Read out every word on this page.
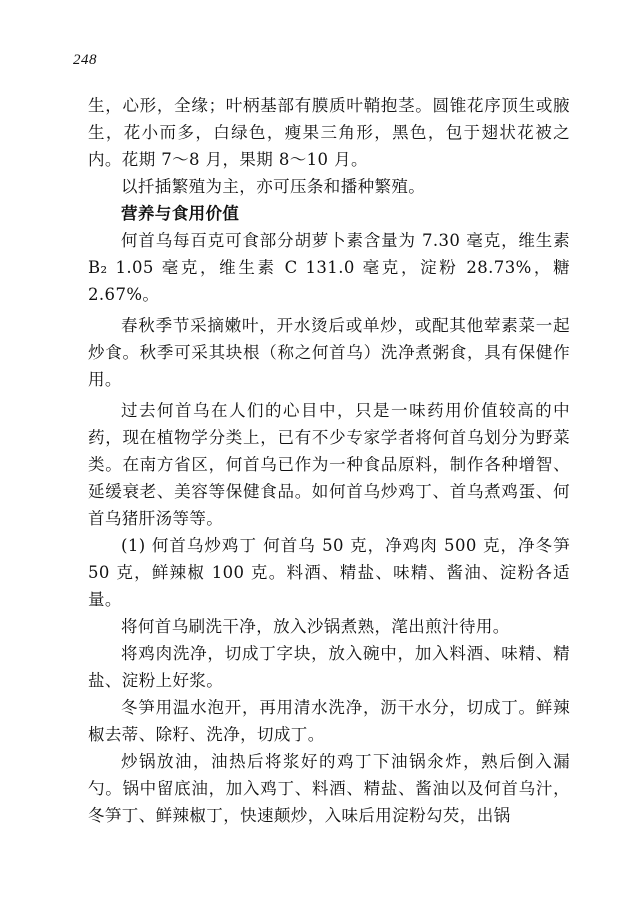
248

生，心形，全缘；叶柄基部有膜质叶鞘抱茎。圆锥花序顶生或腋生，花小而多，白绿色，瘦果三角形，黑色，包于翅状花被之内。花期 7～8 月，果期 8～10 月。

以扦插繁殖为主，亦可压条和播种繁殖。

营养与食用价值

何首乌每百克可食部分胡萝卜素含量为 7.30 毫克，维生素 B₂ 1.05 毫克，维生素 C 131.0 毫克，淀粉 28.73%，糖 2.67%。

春秋季节采摘嫩叶，开水烫后或单炒，或配其他荤素菜一起炒食。秋季可采其块根（称之何首乌）洗净煮粥食，具有保健作用。

过去何首乌在人们的心目中，只是一味药用价值较高的中药，现在植物学分类上，已有不少专家学者将何首乌划分为野菜类。在南方省区，何首乌已作为一种食品原料，制作各种增智、延缓衰老、美容等保健食品。如何首乌炒鸡丁、首乌煮鸡蛋、何首乌猪肝汤等等。

(1) 何首乌炒鸡丁 何首乌 50 克，净鸡肉 500 克，净冬笋 50 克，鲜辣椒 100 克。料酒、精盐、味精、酱油、淀粉各适量。

将何首乌刷洗干净，放入沙锅煮熟，滗出煎汁待用。

将鸡肉洗净，切成丁字块，放入碗中，加入料酒、味精、精盐、淀粉上好浆。

冬笋用温水泡开，再用清水洗净，沥干水分，切成丁。鲜辣椒去蒂、除籽、洗净，切成丁。

炒锅放油，油热后将浆好的鸡丁下油锅氽炸，熟后倒入漏勺。锅中留底油，加入鸡丁、料酒、精盐、酱油以及何首乌汁，冬笋丁、鲜辣椒丁，快速颠炒，入味后用淀粉勾芡，出锅
